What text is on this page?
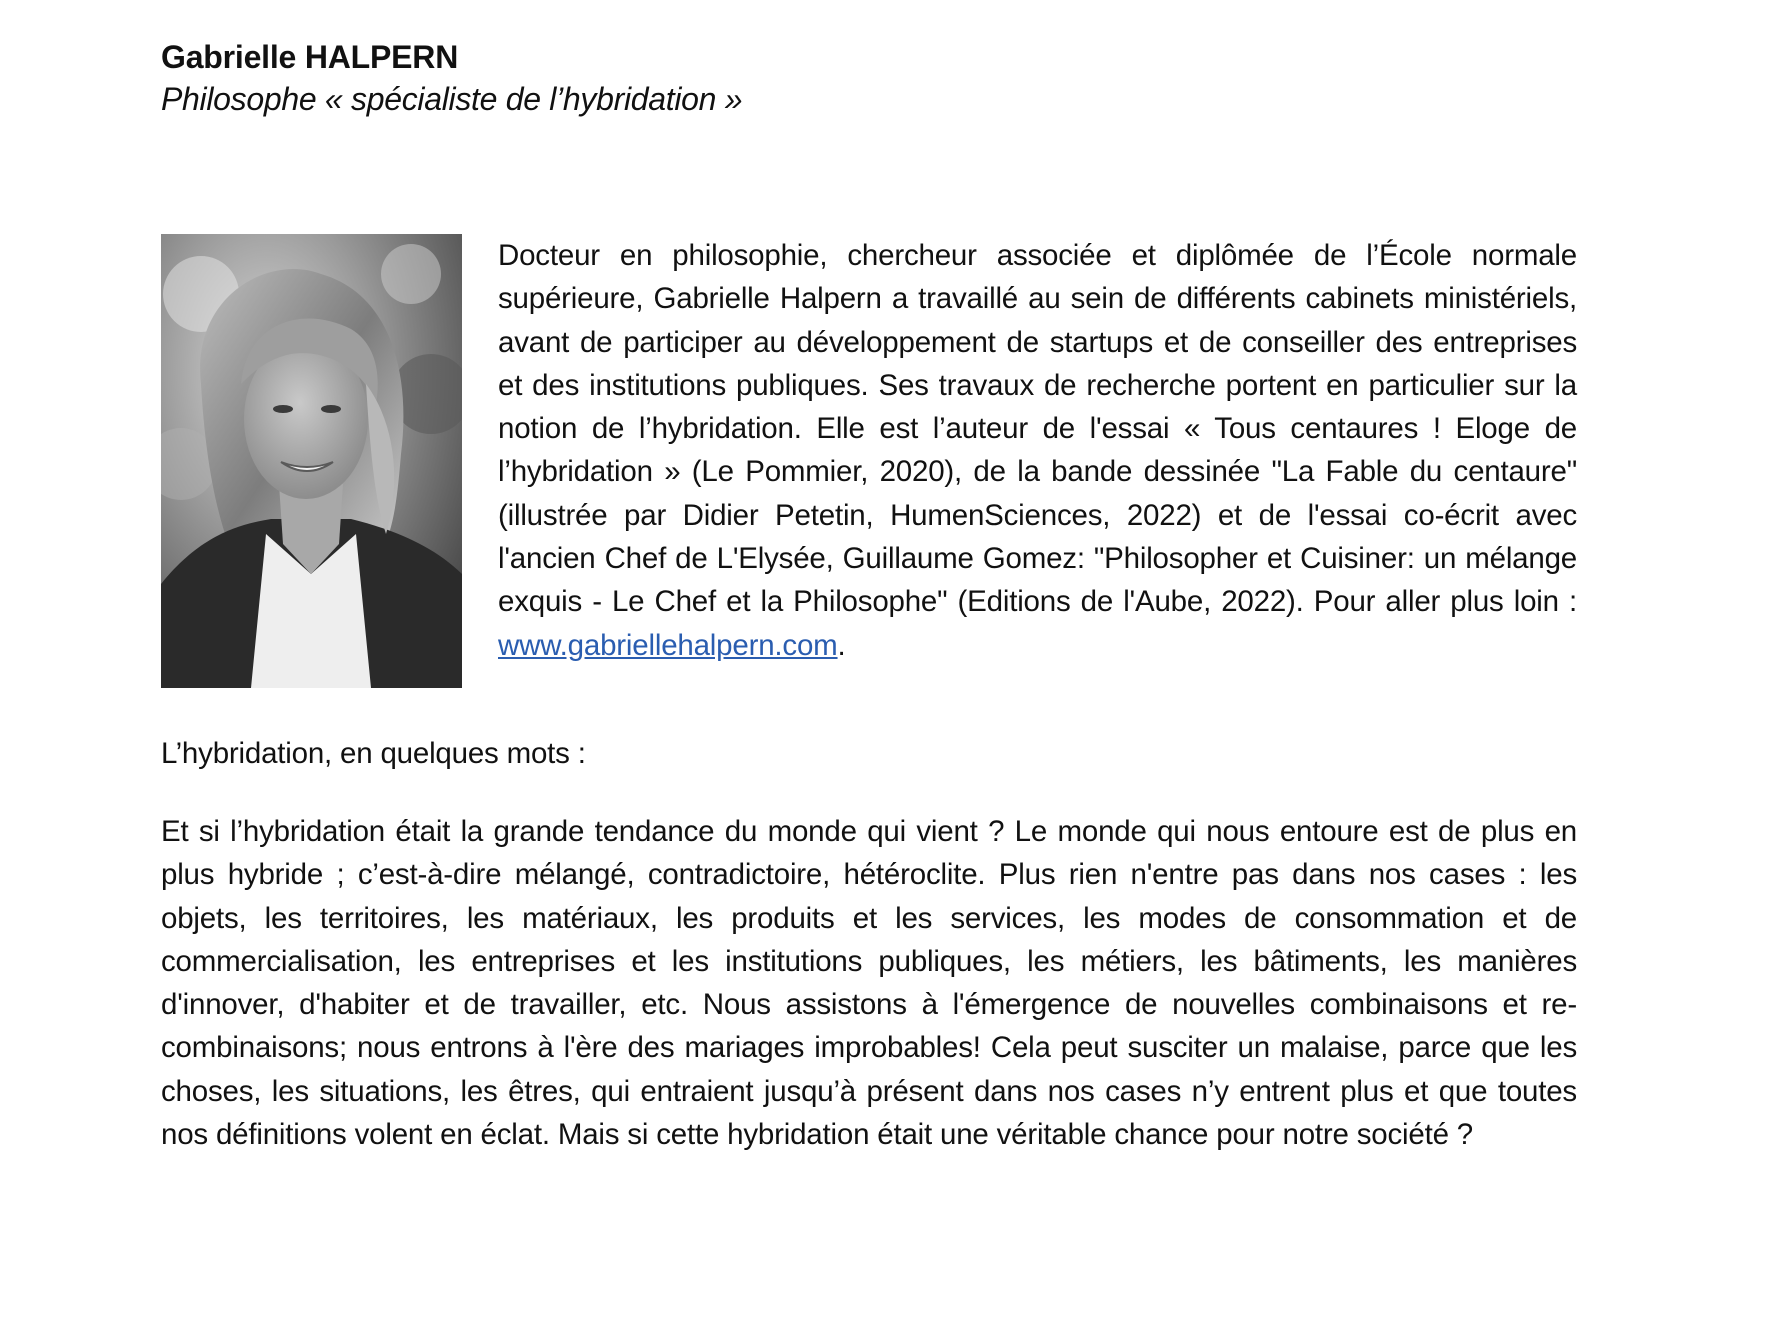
Gabrielle HALPERN

Philosophe « spécialiste de l’hybridation »

Docteur en philosophie, chercheur associée et diplômée de l’École normale supérieure, Gabrielle Halpern a travaillé au sein de différents cabinets ministériels, avant de participer au développement de startups et de conseiller des entreprises et des institutions publiques. Ses travaux de recherche portent en particulier sur la notion de l’hybridation. Elle est l’auteur de l'essai « Tous centaures ! Eloge de l’hybridation » (Le Pommier, 2020), de la bande dessinée "La Fable du centaure" (illustrée par Didier Petetin, HumenSciences, 2022) et de l'essai co-écrit avec l'ancien Chef de L'Elysée, Guillaume Gomez: "Philosopher et Cuisiner: un mélange exquis - Le Chef et la Philosophe" (Editions de l'Aube, 2022). Pour aller plus loin : www.gabriellehalpern.com.

L’hybridation, en quelques mots :

Et si l’hybridation était la grande tendance du monde qui vient ? Le monde qui nous entoure est de plus en plus hybride ; c’est-à-dire mélangé, contradictoire, hétéroclite. Plus rien n'entre pas dans nos cases : les objets, les territoires, les matériaux, les produits et les services, les modes de consommation et de commercialisation, les entreprises et les institutions publiques, les métiers, les bâtiments, les manières d'innover, d'habiter et de travailler, etc. Nous assistons à l'émergence de nouvelles combinaisons et re-combinaisons; nous entrons à l'ère des mariages improbables! Cela peut susciter un malaise, parce que les choses, les situations, les êtres, qui entraient jusqu’à présent dans nos cases n’y entrent plus et que toutes nos définitions volent en éclat. Mais si cette hybridation était une véritable chance pour notre société ?
